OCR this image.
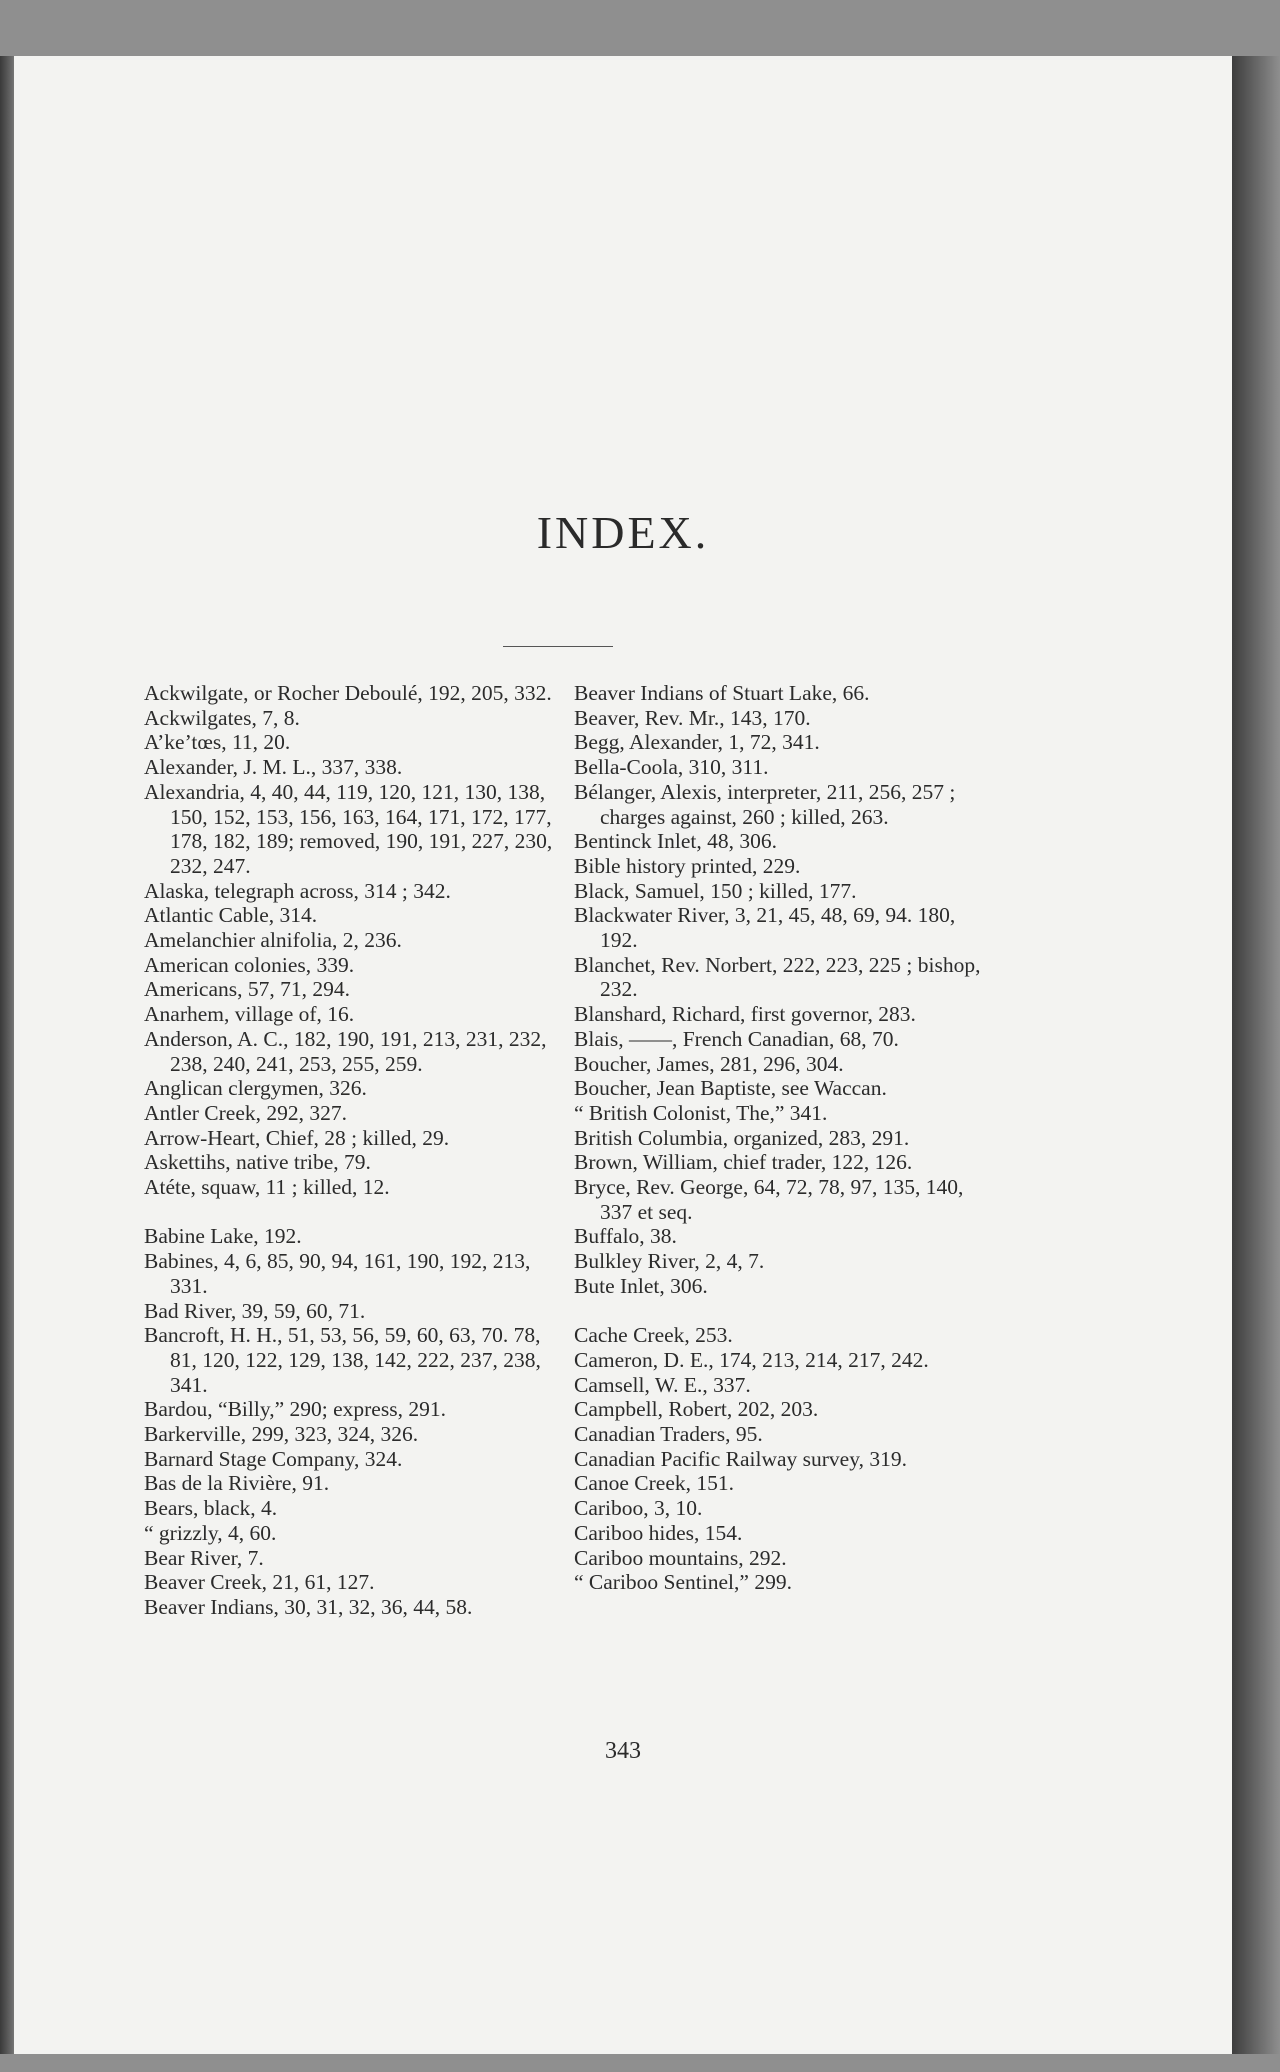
INDEX.
Ackwilgate, or Rocher Deboulé, 192, 205, 332.
Ackwilgates, 7, 8.
A’ke’tœs, 11, 20.
Alexander, J. M. L., 337, 338.
Alexandria, 4, 40, 44, 119, 120, 121, 130, 138, 150, 152, 153, 156, 163, 164, 171, 172, 177, 178, 182, 189; removed, 190, 191, 227, 230, 232, 247.
Alaska, telegraph across, 314 ; 342.
Atlantic Cable, 314.
Amelanchier alnifolia, 2, 236.
American colonies, 339.
Americans, 57, 71, 294.
Anarhem, village of, 16.
Anderson, A. C., 182, 190, 191, 213, 231, 232, 238, 240, 241, 253, 255, 259.
Anglican clergymen, 326.
Antler Creek, 292, 327.
Arrow-Heart, Chief, 28 ; killed, 29.
Askettihs, native tribe, 79.
Atéte, squaw, 11 ; killed, 12.
Babine Lake, 192.
Babines, 4, 6, 85, 90, 94, 161, 190, 192, 213, 331.
Bad River, 39, 59, 60, 71.
Bancroft, H. H., 51, 53, 56, 59, 60, 63, 70. 78, 81, 120, 122, 129, 138, 142, 222, 237, 238, 341.
Bardou, “Billy,” 290; express, 291.
Barkerville, 299, 323, 324, 326.
Barnard Stage Company, 324.
Bas de la Rivière, 91.
Bears, black, 4.
“ grizzly, 4, 60.
Bear River, 7.
Beaver Creek, 21, 61, 127.
Beaver Indians, 30, 31, 32, 36, 44, 58.
Beaver Indians of Stuart Lake, 66.
Beaver, Rev. Mr., 143, 170.
Begg, Alexander, 1, 72, 341.
Bella-Coola, 310, 311.
Bélanger, Alexis, interpreter, 211, 256, 257 ; charges against, 260 ; killed, 263.
Bentinck Inlet, 48, 306.
Bible history printed, 229.
Black, Samuel, 150 ; killed, 177.
Blackwater River, 3, 21, 45, 48, 69, 94. 180, 192.
Blanchet, Rev. Norbert, 222, 223, 225 ; bishop, 232.
Blanshard, Richard, first governor, 283.
Blais, ——, French Canadian, 68, 70.
Boucher, James, 281, 296, 304.
Boucher, Jean Baptiste, see Waccan.
“ British Colonist, The,” 341.
British Columbia, organized, 283, 291.
Brown, William, chief trader, 122, 126.
Bryce, Rev. George, 64, 72, 78, 97, 135, 140, 337 et seq.
Buffalo, 38.
Bulkley River, 2, 4, 7.
Bute Inlet, 306.
Cache Creek, 253.
Cameron, D. E., 174, 213, 214, 217, 242.
Camsell, W. E., 337.
Campbell, Robert, 202, 203.
Canadian Traders, 95.
Canadian Pacific Railway survey, 319.
Canoe Creek, 151.
Cariboo, 3, 10.
Cariboo hides, 154.
Cariboo mountains, 292.
“ Cariboo Sentinel,” 299.
343
